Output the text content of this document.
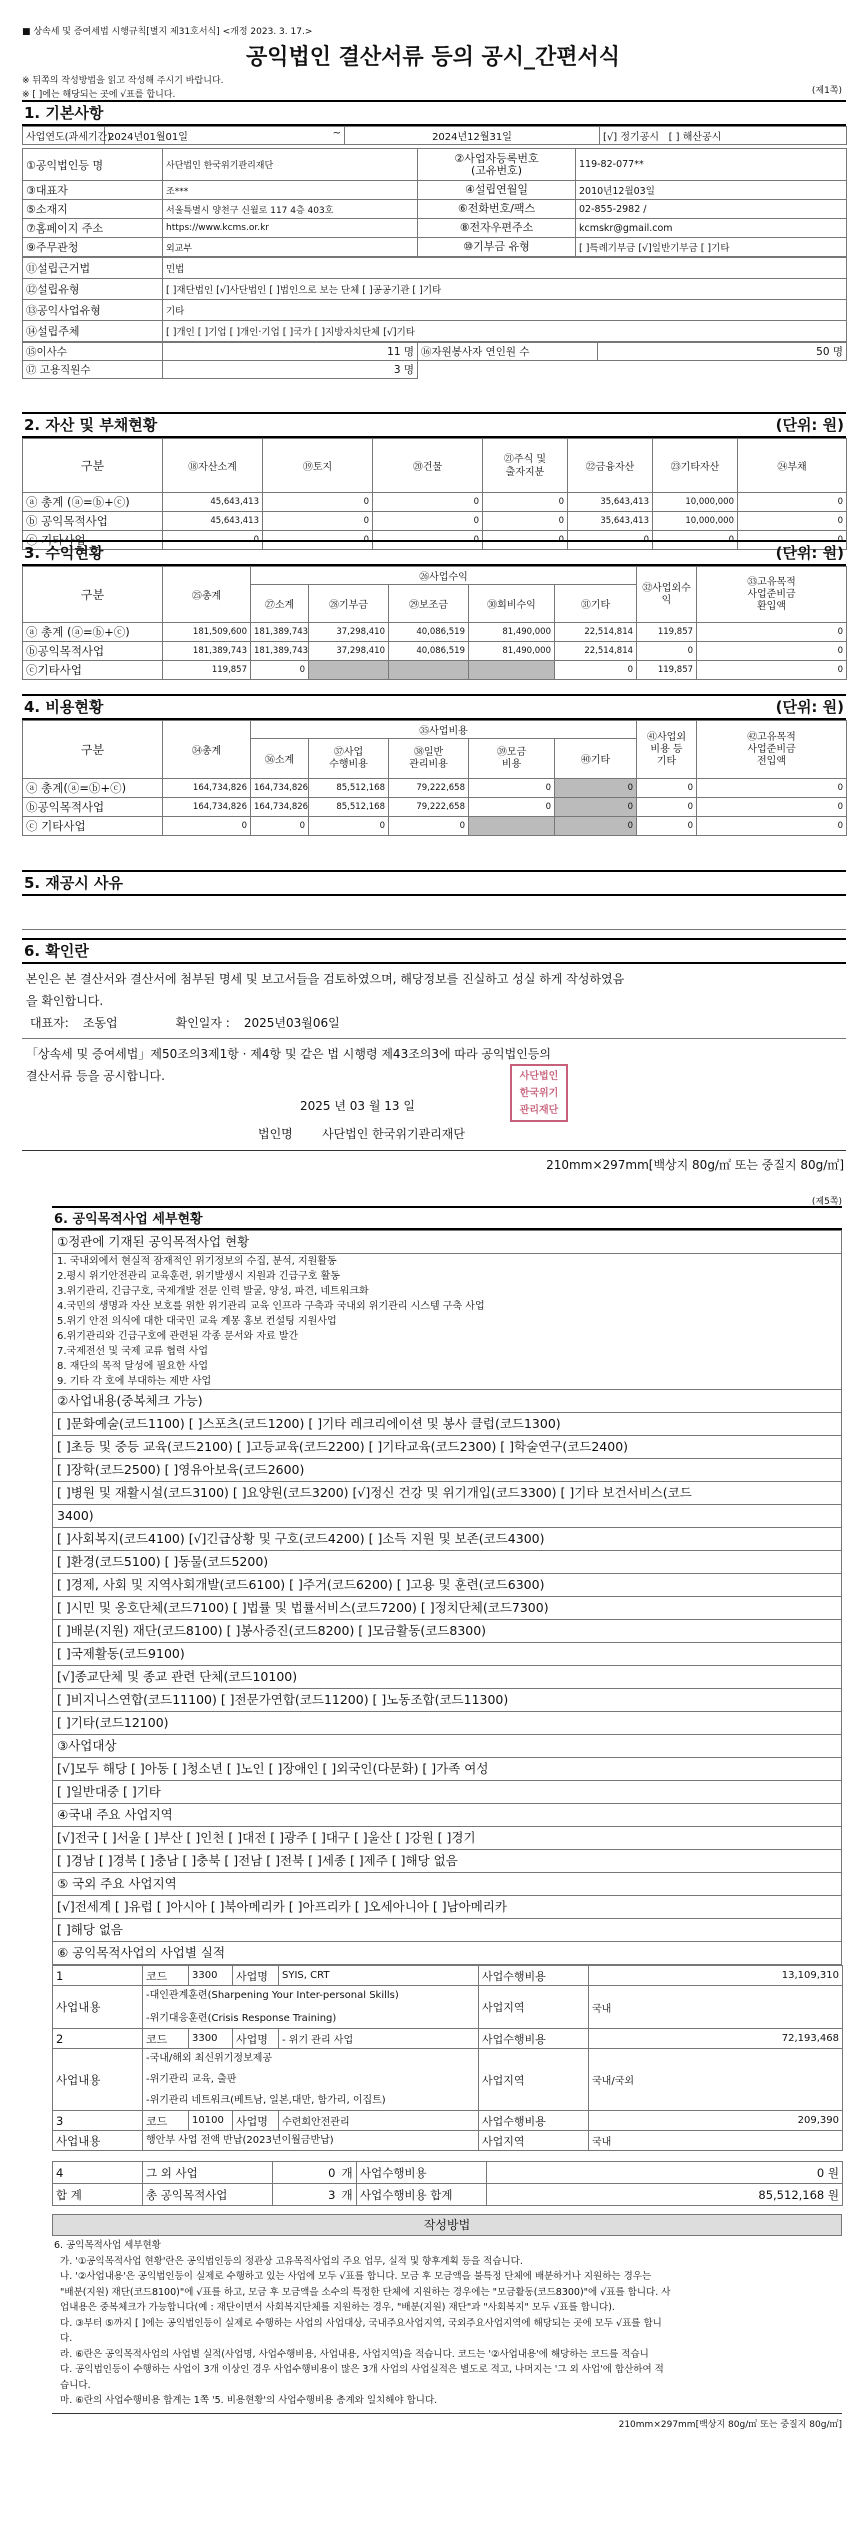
■ 상속세 및 증여세법 시행규칙[별지 제31호서식] <개정 2023. 3. 17.>
공익법인 결산서류 등의 공시_간편서식
※ 뒤쪽의 작성방법을 읽고 작성해 주시기 바랍니다.
※ [ ]에는 해당되는 곳에 √표를 합니다.	(제1쪽)
1. 기본사항
사업연도(과세기간):	2024년01월01일	~	2024년12월31일	[√] 정기공시 [ ] 해산공시
①공익법인등 명	사단법인 한국위기관리재단	②사업자등록번호
(고유번호)	119-82-077**
③대표자	조***	④설립연월일	2010년12월03일
⑤소재지	서울특별시 양천구 신월로 117 4층 403호	⑥전화번호/팩스	02-855-2982 /
⑦홈페이지 주소	https://www.kcms.or.kr	⑧전자우편주소	kcmskr@gmail.com
⑨주무관청	외교부	⑩기부금 유형	[ ]특례기부금 [√]일반기부금 [ ]기타
⑪설립근거법	민법
⑫설립유형	[ ]재단법인 [√]사단법인 [ ]법인으로 보는 단체 [ ]공공기관 [ ]기타
⑬공익사업유형	기타
⑭설립주체	[ ]개인 [ ]기업 [ ]개인·기업 [ ]국가 [ ]지방자치단체 [√]기타
⑮이사수	11 명	⑯자원봉사자 연인원 수	50 명
⑰ 고용직원수	3 명		
2. 자산 및 부채현황	(단위: 원)
구분	⑱자산소계	⑲토지	⑳건물	㉑주식 및
출자지분	㉒금융자산	㉓기타자산	㉔부채
ⓐ 총계 (ⓐ=ⓑ+ⓒ)	45,643,413	0	0	0	35,643,413	10,000,000	0
ⓑ 공익목적사업	45,643,413	0	0	0	35,643,413	10,000,000	0
ⓒ 기타사업	0	0	0	0	0	0	0
3. 수익현황	(단위: 원)
구분	㉕총계	㉖사업수익					㉜사업외수익	㉝고유목적
사업준비금
환입액
		㉗소계	㉘기부금	㉙보조금	㉚회비수익	㉛기타		
ⓐ 총계 (ⓐ=ⓑ+ⓒ)	181,509,600	181,389,743	37,298,410	40,086,519	81,490,000	22,514,814	119,857	0
ⓑ공익목적사업	181,389,743	181,389,743	37,298,410	40,086,519	81,490,000	22,514,814	0	0
ⓒ기타사업	119,857	0				0	119,857	0
4. 비용현황	(단위: 원)
구분	㉞총계	㉟사업비용					㊶사업외
비용 등
기타	㊷고유목적
사업준비금
전입액
		㊱소계	㊲사업
수행비용	㊳일반
관리비용	㊴모금
비용	㊵기타		
ⓐ 총계(ⓐ=ⓑ+ⓒ)	164,734,826	164,734,826	85,512,168	79,222,658	0	0	0	0
ⓑ공익목적사업	164,734,826	164,734,826	85,512,168	79,222,658	0	0	0	0
ⓒ 기타사업	0	0	0	0		0	0	0
5. 재공시 사유
6. 확인란
본인은 본 결산서와 결산서에 첨부된 명세 및 보고서들을 검토하였으며, 해당정보를 진실하고 성실 하게 작성하였음
을 확인합니다.
대표자: 조동업	확인일자 : 2025년03월06일
「상속세 및 증여세법」제50조의3제1항 · 제4항 및 같은 법 시행령 제43조의3에 따라 공익법인등의
결산서류 등을 공시합니다.
2025 년 03 월 13 일
법인명 사단법인 한국위기관리재단
사단법인
한국위기
관리재단
210mm×297mm[백상지 80g/㎡ 또는 중질지 80g/㎡]
(제5쪽)
6. 공익목적사업 세부현황
①정관에 기재된 공익목적사업 현황
1. 국내외에서 현실적 잠재적인 위기정보의 수집, 분석, 지원활동
2.평시 위기안전관리 교육훈련, 위기발생시 지원과 긴급구호 활동
3.위기관리, 긴급구호, 국제개발 전문 인력 발굴, 양성, 파견, 네트워크화
4.국민의 생명과 자산 보호를 위한 위기관리 교육 인프라 구축과 국내외 위기관리 시스템 구축 사업
5.위기 안전 의식에 대한 대국민 교육 계몽 홍보 컨설팅 지원사업
6.위기관리와 긴급구호에 관련된 각종 문서와 자료 발간
7.국제전선 및 국제 교류 협력 사업
8. 재단의 목적 달성에 필요한 사업
9. 기타 각 호에 부대하는 제반 사업
②사업내용(중복체크 가능)
[ ]문화예술(코드1100) [ ]스포츠(코드1200) [ ]기타 레크리에이션 및 봉사 클럽(코드1300)
[ ]초등 및 중등 교육(코드2100) [ ]고등교육(코드2200) [ ]기타교육(코드2300) [ ]학술연구(코드2400)
[ ]장학(코드2500) [ ]영유아보육(코드2600)
[ ]병원 및 재활시설(코드3100) [ ]요양원(코드3200) [√]정신 건강 및 위기개입(코드3300) [ ]기타 보건서비스(코드
3400)
[ ]사회복지(코드4100) [√]긴급상황 및 구호(코드4200) [ ]소득 지원 및 보존(코드4300)
[ ]환경(코드5100) [ ]동물(코드5200)
[ ]경제, 사회 및 지역사회개발(코드6100) [ ]주거(코드6200) [ ]고용 및 훈련(코드6300)
[ ]시민 및 옹호단체(코드7100) [ ]법률 및 법률서비스(코드7200) [ ]정치단체(코드7300)
[ ]배분(지원) 재단(코드8100) [ ]봉사증진(코드8200) [ ]모금활동(코드8300)
[ ]국제활동(코드9100)
[√]종교단체 및 종교 관련 단체(코드10100)
[ ]비지니스연합(코드11100) [ ]전문가연합(코드11200) [ ]노동조합(코드11300)
[ ]기타(코드12100)
③사업대상
[√]모두 해당 [ ]아동 [ ]청소년 [ ]노인 [ ]장애인 [ ]외국인(다문화) [ ]가족 여성
[ ]일반대중 [ ]기타
④국내 주요 사업지역
[√]전국 [ ]서울 [ ]부산 [ ]인천 [ ]대전 [ ]광주 [ ]대구 [ ]울산 [ ]강원 [ ]경기
[ ]경남 [ ]경북 [ ]충남 [ ]충북 [ ]전남 [ ]전북 [ ]세종 [ ]제주 [ ]해당 없음
⑤ 국외 주요 사업지역
[√]전세계 [ ]유럽 [ ]아시아 [ ]북아메리카 [ ]아프리카 [ ]오세아니아 [ ]남아메리카
[ ]해당 없음
⑥ 공익목적사업의 사업별 실적
1	코드	3300	사업명	SYIS, CRT	사업수행비용	13,109,310
사업내용	-대인관계훈련(Sharpening Your Inter-personal Skills)
-위기대응훈련(Crisis Response Training)				사업지역	국내
2	코드	3300	사업명	- 위기 관리 사업	사업수행비용	72,193,468
사업내용	-국내/해외 최신위기정보제공
-위기관리 교육, 출판
-위기관리 네트워크(베트남, 일본,대만, 함가리, 이집트)				사업지역	국내/국외
3	코드	10100	사업명	수련회안전관리	사업수행비용	209,390
사업내용	행안부 사업 전액 반납(2023년이월금반납)				사업지역	국내
4	그 외 사업	0	개	사업수행비용	0 원
합 계	총 공익목적사업	3	개	사업수행비용 합계	85,512,168 원
작성방법
6. 공익목적사업 세부현황
가. '①공익목적사업 현황'란은 공익법인등의 정관상 고유목적사업의 주요 업무, 실적 및 향후계획 등을 적습니다.
나. '②사업내용'은 공익법인등이 실제로 수행하고 있는 사업에 모두 √표를 합니다. 모금 후 모금액을 불특정 단체에 배분하거나 지원하는 경우는
"배분(지원) 재단(코드8100)"에 √표를 하고, 모금 후 모금액을 소수의 특정한 단체에 지원하는 경우에는 "모금활동(코드8300)"에 √표를 합니다. 사
업내용은 중복체크가 가능합니다(예 : 재단이면서 사회복지단체를 지원하는 경우, "배분(지원) 재단"과 "사회복지" 모두 √표를 합니다).
다. ③부터 ⑤까지 [ ]에는 공익법인등이 실제로 수행하는 사업의 사업대상, 국내주요사업지역, 국외주요사업지역에 해당되는 곳에 모두 √표를 합니
다.
라. ⑥란은 공익목적사업의 사업별 실적(사업명, 사업수행비용, 사업내용, 사업지역)을 적습니다. 코드는 '②사업내용'에 해당하는 코드를 적습니
다. 공익법인등이 수행하는 사업이 3개 이상인 경우 사업수행비용이 많은 3개 사업의 사업실적은 별도로 적고, 나머지는 '그 외 사업'에 합산하여 적
습니다.
마. ⑥란의 사업수행비용 합계는 1쪽 '5. 비용현황'의 사업수행비용 총계와 일치해야 합니다.
210mm×297mm[백상지 80g/㎡ 또는 중질지 80g/㎡]
